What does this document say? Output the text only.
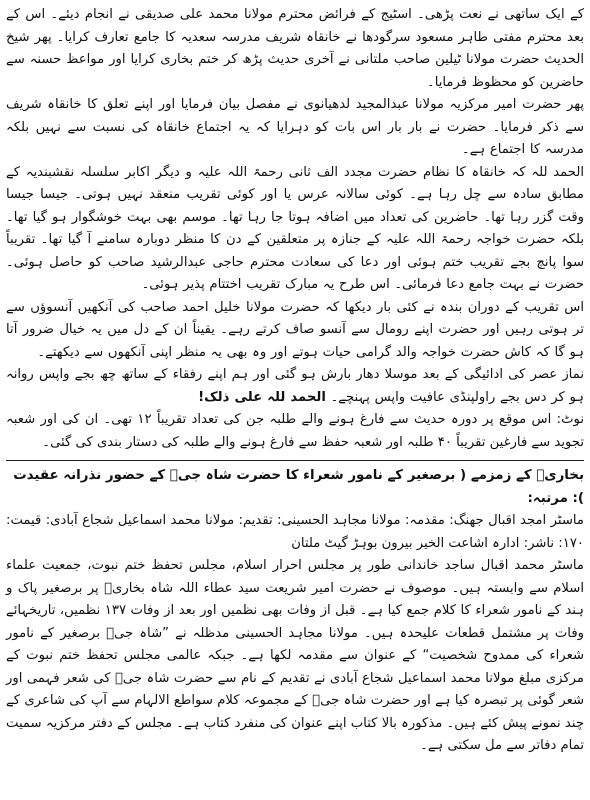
کے ایک ساتھی نے نعت پڑھی۔ اسٹیج کے فرائض محترم مولانا محمد علی صدیقی نے انجام دیئے۔ اس کے بعد محترم مفتی طاہر مسعود سرگودھا نے خانقاہ شریف مدرسہ سعدیہ کا جامع تعارف کرایا۔ پھر شیخ الحدیث حضرت مولانا ٹیلین صاحب ملتانی نے آخری حدیث پڑھ کر ختم بخاری کرایا اور مواعظ حسنہ سے حاضرین کو محظوظ فرمایا۔

پھر حضرت امیر مرکزیہ مولانا عبدالمجید لدھیانوی نے مفصل بیان فرمایا اور اپنے تعلق کا خانقاہ شریف سے ذکر فرمایا۔ حضرت نے بار بار اس بات کو دہرایا کہ یہ اجتماع خانقاہ کی نسبت سے نہیں بلکہ مدرسہ کا اجتماع ہے۔

الحمد للہ کہ خانقاہ کا نظام حضرت مجدد الف ثانی رحمۃ اللہ علیہ و دیگر اکابر سلسلہ نقشبندیہ کے مطابق سادہ سے چل رہا ہے۔ کوئی سالانہ عرس یا اور کوئی تقریب منعقد نہیں ہوتی۔ جیسا جیسا وقت گزر رہا تھا۔ حاضرین کی تعداد میں اضافہ ہوتا جا رہا تھا۔ موسم بھی بہت خوشگوار ہو گیا تھا۔ بلکہ حضرت خواجہ رحمۃ اللہ علیہ کے جنازہ پر متعلقین کے دن کا منظر دوبارہ سامنے آ گیا تھا۔ تقریباً سوا پانچ بجے تقریب ختم ہوئی اور دعا کی سعادت محترم حاجی عبدالرشید صاحب کو حاصل ہوئی۔ حضرت نے بہت جامع دعا فرمائی۔ اس طرح یہ مبارک تقریب اختتام پذیر ہوئی۔

اس تقریب کے دوران بندہ نے کئی بار دیکھا کہ حضرت مولانا خلیل احمد صاحب کی آنکھیں آنسوؤں سے تر ہوتی رہیں اور حضرت اپنے رومال سے آنسو صاف کرتے رہے۔ یقیناً ان کے دل میں یہ خیال ضرور آتا ہو گا کہ کاش حضرت خواجہ والد گرامی حیات ہوتے اور وہ بھی یہ منظر اپنی آنکھوں سے دیکھتے۔

نماز عصر کی ادائیگی کے بعد موسلا دھار بارش ہو گئی اور ہم اپنے رفقاء کے ساتھ چھ بجے واپس روانہ ہو کر دس بجے راولپنڈی عافیت واپس پہنچے۔ الحمد للہ علی ذلک!

نوٹ: اس موقع پر دورہ حدیث سے فارغ ہونے والے طلبہ جن کی تعداد تقریباً ۱۲ تھی۔ ان کی اور شعبہ تجوید سے فارغین تقریباً ۴۰ طلبہ اور شعبہ حفظ سے فارغ ہونے والے طلبہ کی دستار بندی کی گئی۔

بخاریؒ کے زمزمے ( برصغیر کے نامور شعراء کا حضرت شاہ جیؒ کے حضور نذرانہ عقیدت ): مرتبہ:

ماسٹر امجد اقبال جھنگ: مقدمہ: مولانا مجاہد الحسینی: تقدیم: مولانا محمد اسماعیل شجاع آبادی: قیمت: ۱۷۰: ناشر: ادارہ اشاعت الخیر بیرون بوہڑ گیٹ ملتان

ماسٹر محمد اقبال ساجد خاندانی طور پر مجلس احرار اسلام، مجلس تحفظ ختم نبوت، جمعیت علماء اسلام سے وابستہ ہیں۔ موصوف نے حضرت امیر شریعت سید عطاء اللہ شاہ بخاریؒ پر برصغیر پاک و ہند کے نامور شعراء کا کلام جمع کیا ہے۔ قبل از وفات بھی نظمیں اور بعد از وفات ۱۳۷ نظمیں، تاریخہائے وفات پر مشتمل قطعات علیحدہ ہیں۔ مولانا مجاہد الحسینی مدظلہ نے ”شاہ جیؒ برصغیر کے نامور شعراء کی ممدوح شخصیت“ کے عنوان سے مقدمہ لکھا ہے۔ جبکہ عالمی مجلس تحفظ ختم نبوت کے مرکزی مبلغ مولانا محمد اسماعیل شجاع آبادی نے تقدیم کے نام سے حضرت شاہ جیؒ کی شعر فہمی اور شعر گوئی پر تبصرہ کیا ہے اور حضرت شاہ جیؒ کے مجموعہ کلام سواطع الالہام سے آپ کی شاعری کے چند نمونے پیش کئے ہیں۔ مذکورہ بالا کتاب اپنے عنوان کی منفرد کتاب ہے۔ مجلس کے دفتر مرکزیہ سمیت تمام دفاتر سے مل سکتی ہے۔
